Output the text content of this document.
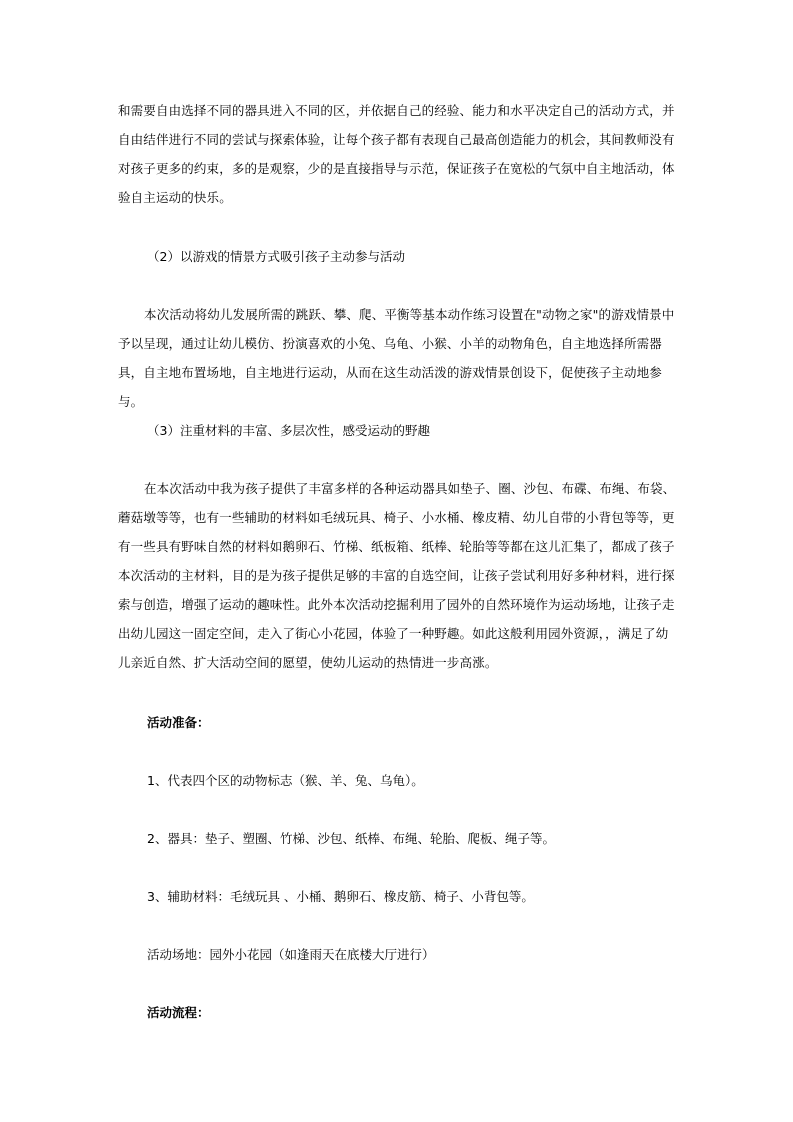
和需要自由选择不同的器具进入不同的区，并依据自己的经验、能力和水平决定自己的活动方式，并自由结伴进行不同的尝试与探索体验，让每个孩子都有表现自己最高创造能力的机会，其间教师没有对孩子更多的约束，多的是观察，少的是直接指导与示范，保证孩子在宽松的气氛中自主地活动，体验自主运动的快乐。

（2）以游戏的情景方式吸引孩子主动参与活动

本次活动将幼儿发展所需的跳跃、攀、爬、平衡等基本动作练习设置在"动物之家"的游戏情景中予以呈现，通过让幼儿模仿、扮演喜欢的小兔、乌龟、小猴、小羊的动物角色，自主地选择所需器具，自主地布置场地，自主地进行运动，从而在这生动活泼的游戏情景创设下，促使孩子主动地参与。

（3）注重材料的丰富、多层次性，感受运动的野趣

在本次活动中我为孩子提供了丰富多样的各种运动器具如垫子、圈、沙包、布碟、布绳、布袋、蘑菇墩等等，也有一些辅助的材料如毛绒玩具、椅子、小水桶、橡皮精、幼儿自带的小背包等等，更有一些具有野味自然的材料如鹅卵石、竹梯、纸板箱、纸棒、轮胎等等都在这儿汇集了，都成了孩子本次活动的主材料，目的是为孩子提供足够的丰富的自选空间，让孩子尝试利用好多种材料，进行探索与创造，增强了运动的趣味性。此外本次活动挖掘利用了园外的自然环境作为运动场地，让孩子走出幼儿园这一固定空间，走入了街心小花园，体验了一种野趣。如此这般利用园外资源，，满足了幼儿亲近自然、扩大活动空间的愿望，使幼儿运动的热情进一步高涨。

活动准备：

1、代表四个区的动物标志（猴、羊、兔、乌龟）。

2、器具：垫子、塑圈、竹梯、沙包、纸棒、布绳、轮胎、爬板、绳子等。

3、辅助材料：毛绒玩具 、小桶、鹅卵石、橡皮筋、椅子、小背包等。

活动场地：园外小花园（如逢雨天在底楼大厅进行）

活动流程：
